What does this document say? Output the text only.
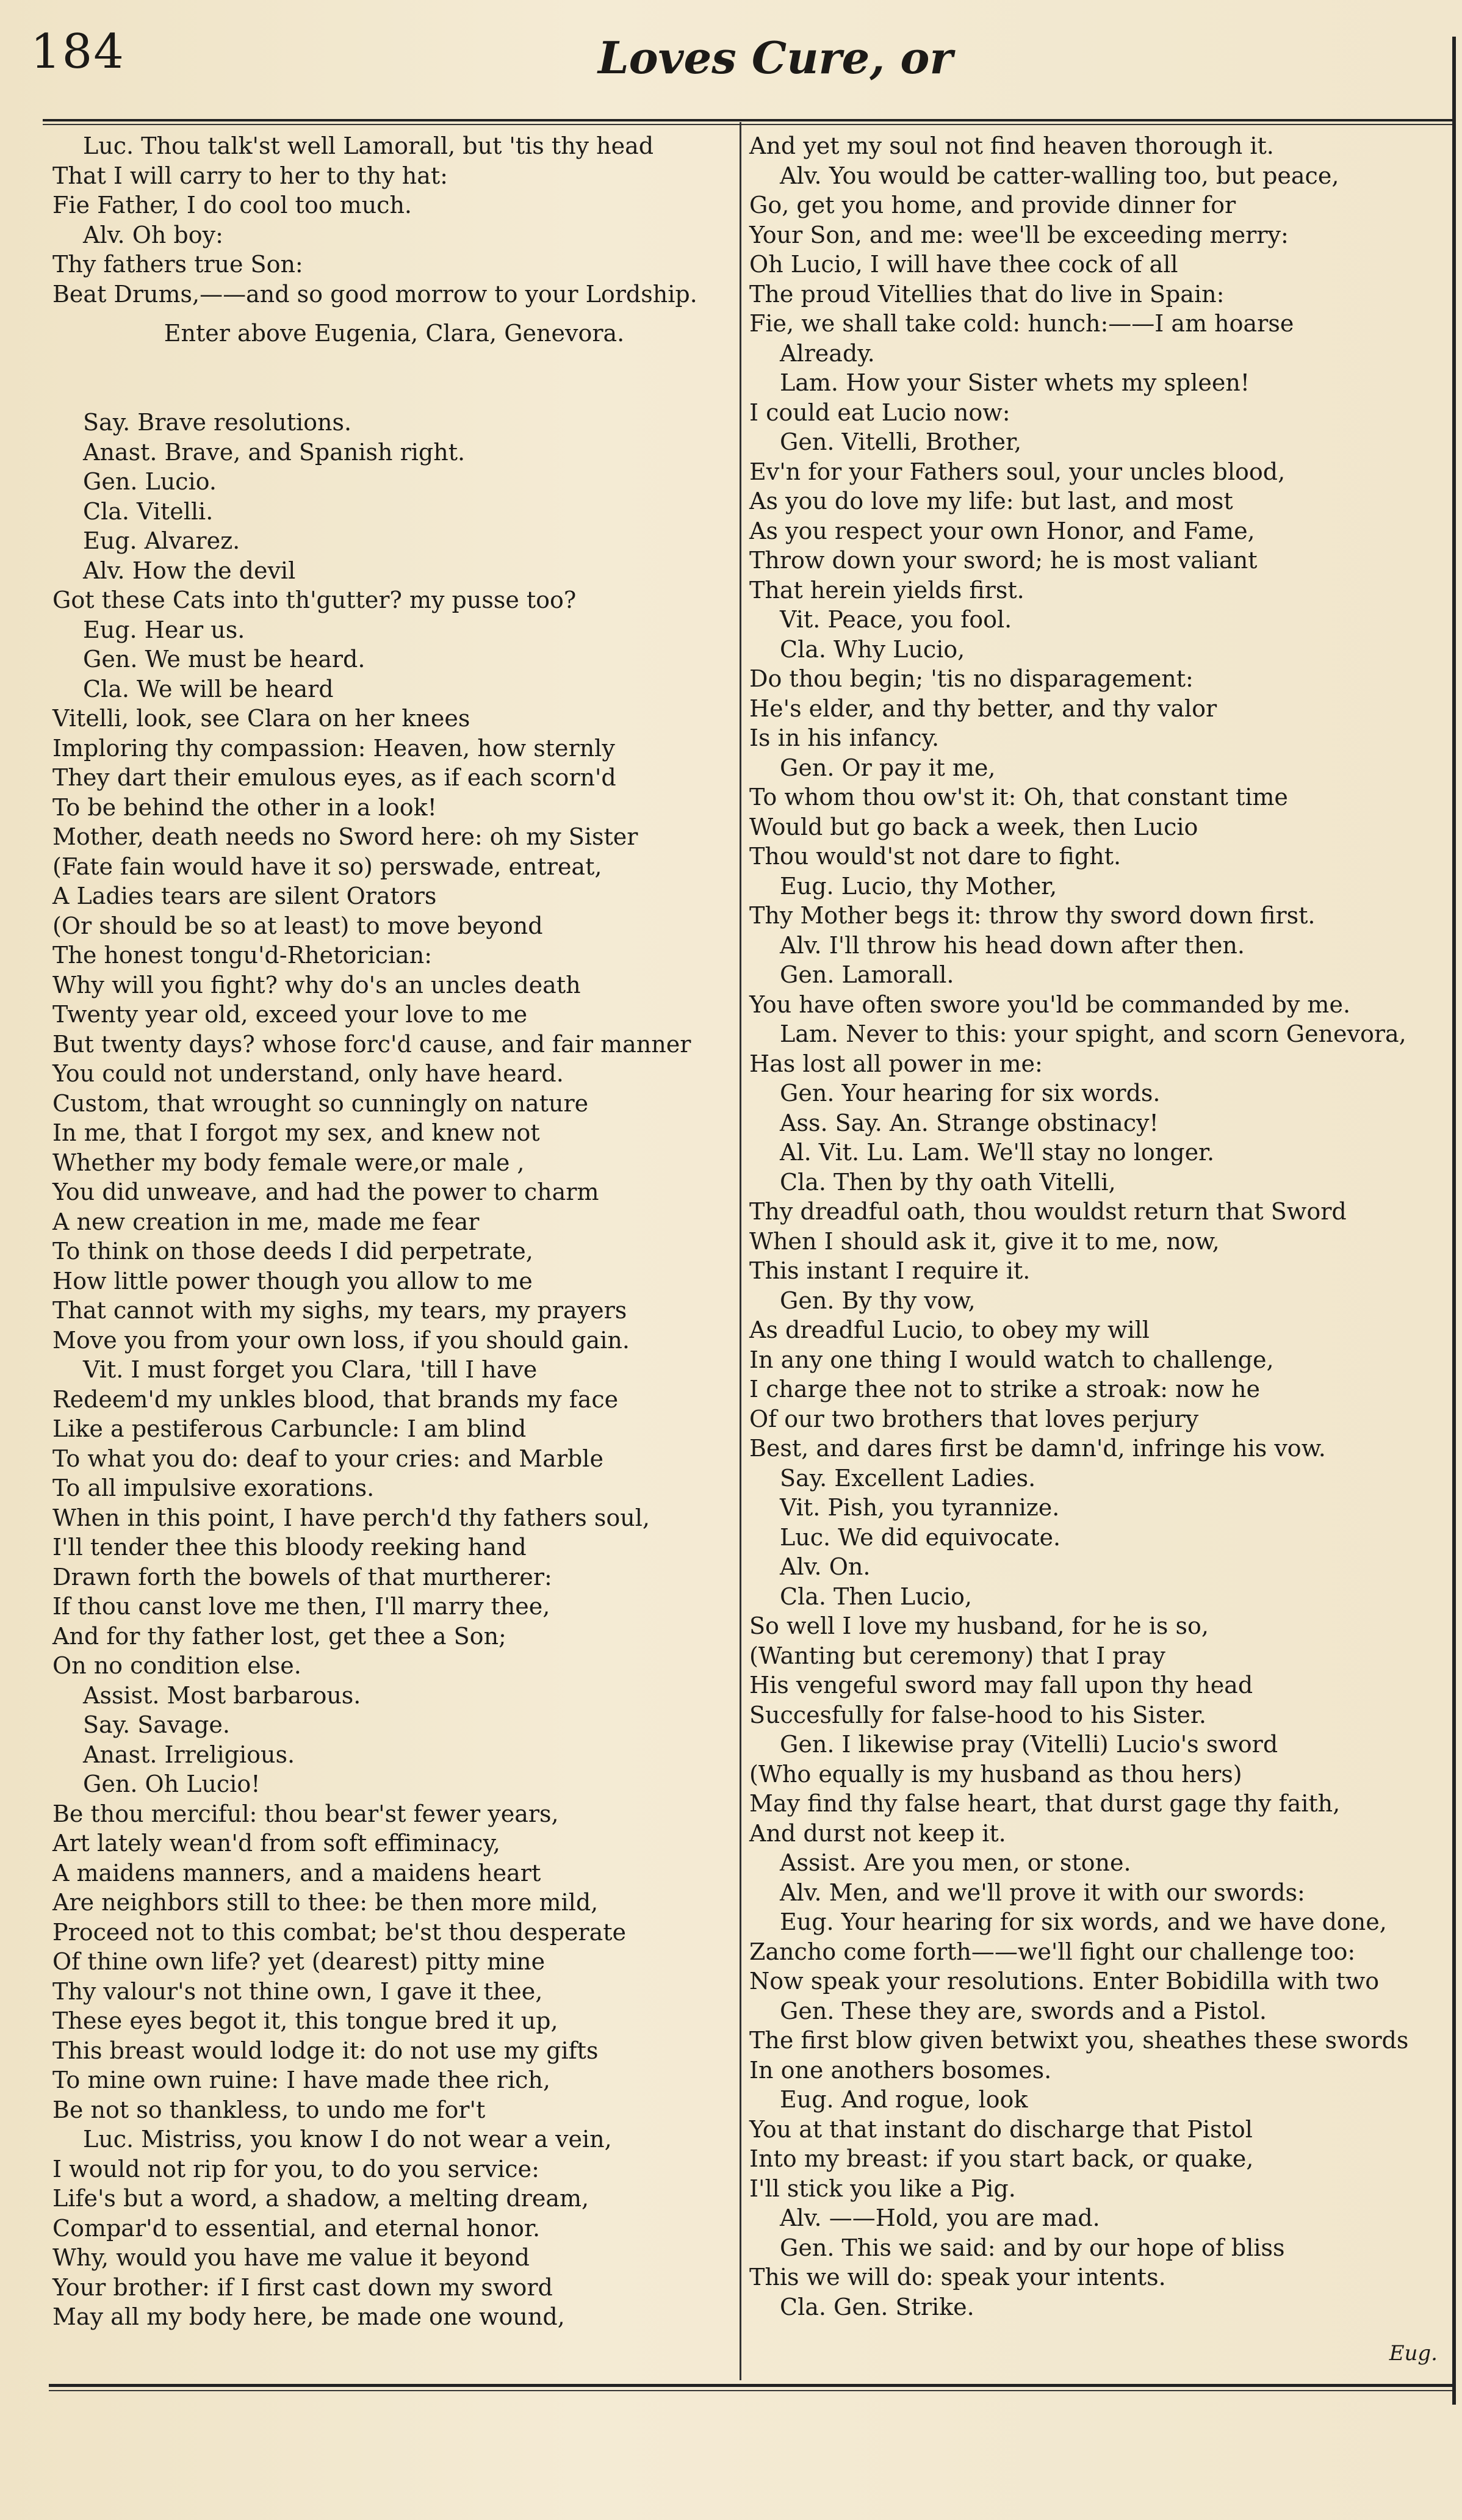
184	Loves Cure, or
Luc. Thou talk'st well Lamorall, but 'tis thy head
That I will carry to her to thy hat:
Fie Father, I do cool too much.
Alv. Oh boy:
Thy fathers true Son:
Beat Drums,——and so good morrow to your Lordship.
Enter above Eugenia, Clara, Genevora.
Say. Brave resolutions.
Anast. Brave, and Spanish right.
Gen. Lucio.
Cla. Vitelli.
Eug. Alvarez.
Alv. How the devil
Got these Cats into th'gutter? my pusse too?
Eug. Hear us.
Gen. We must be heard.
Cla. We will be heard
Vitelli, look, see Clara on her knees
Imploring thy compassion: Heaven, how sternly
They dart their emulous eyes, as if each scorn'd
To be behind the other in a look!
Mother, death needs no Sword here: oh my Sister
(Fate fain would have it so) perswade, entreat,
A Ladies tears are silent Orators
(Or should be so at least) to move beyond
The honest tongu'd-Rhetorician:
Why will you fight? why do's an uncles death
Twenty year old, exceed your love to me
But twenty days? whose forc'd cause, and fair manner
You could not understand, only have heard.
Custom, that wrought so cunningly on nature
In me, that I forgot my sex, and knew not
Whether my body female were,or male ,
You did unweave, and had the power to charm
A new creation in me, made me fear
To think on those deeds I did perpetrate,
How little power though you allow to me
That cannot with my sighs, my tears, my prayers
Move you from your own loss, if you should gain.
Vit. I must forget you Clara, 'till I have
Redeem'd my unkles blood, that brands my face
Like a pestiferous Carbuncle: I am blind
To what you do: deaf to your cries: and Marble
To all impulsive exorations.
When in this point, I have perch'd thy fathers soul,
I'll tender thee this bloody reeking hand
Drawn forth the bowels of that murtherer:
If thou canst love me then, I'll marry thee,
And for thy father lost, get thee a Son;
On no condition else.
Assist. Most barbarous.
Say. Savage.
Anast. Irreligious.
Gen. Oh Lucio!
Be thou merciful: thou bear'st fewer years,
Art lately wean'd from soft effiminacy,
A maidens manners, and a maidens heart
Are neighbors still to thee: be then more mild,
Proceed not to this combat; be'st thou desperate
Of thine own life? yet (dearest) pitty mine
Thy valour's not thine own, I gave it thee,
These eyes begot it, this tongue bred it up,
This breast would lodge it: do not use my gifts
To mine own ruine: I have made thee rich,
Be not so thankless, to undo me for't
Luc. Mistriss, you know I do not wear a vein,
I would not rip for you, to do you service:
Life's but a word, a shadow, a melting dream,
Compar'd to essential, and eternal honor.
Why, would you have me value it beyond
Your brother: if I first cast down my sword
May all my body here, be made one wound,
And yet my soul not find heaven thorough it.
Alv. You would be catter-walling too, but peace,
Go, get you home, and provide dinner for
Your Son, and me: wee'll be exceeding merry:
Oh Lucio, I will have thee cock of all
The proud Vitellies that do live in Spain:
Fie, we shall take cold: hunch:——I am hoarse
Already.
Lam. How your Sister whets my spleen!
I could eat Lucio now:
Gen. Vitelli, Brother,
Ev'n for your Fathers soul, your uncles blood,
As you do love my life: but last, and most
As you respect your own Honor, and Fame,
Throw down your sword; he is most valiant
That herein yields first.
Vit. Peace, you fool.
Cla. Why Lucio,
Do thou begin; 'tis no disparagement:
He's elder, and thy better, and thy valor
Is in his infancy.
Gen. Or pay it me,
To whom thou ow'st it: Oh, that constant time
Would but go back a week, then Lucio
Thou would'st not dare to fight.
Eug. Lucio, thy Mother,
Thy Mother begs it: throw thy sword down first.
Alv. I'll throw his head down after then.
Gen. Lamorall.
You have often swore you'ld be commanded by me.
Lam. Never to this: your spight, and scorn Genevora,
Has lost all power in me:
Gen. Your hearing for six words.
Ass. Say. An. Strange obstinacy!
Al. Vit. Lu. Lam. We'll stay no longer.
Cla. Then by thy oath Vitelli,
Thy dreadful oath, thou wouldst return that Sword
When I should ask it, give it to me, now,
This instant I require it.
Gen. By thy vow,
As dreadful Lucio, to obey my will
In any one thing I would watch to challenge,
I charge thee not to strike a stroak: now he
Of our two brothers that loves perjury
Best, and dares first be damn'd, infringe his vow.
Say. Excellent Ladies.
Vit. Pish, you tyrannize.
Luc. We did equivocate.
Alv. On.
Cla. Then Lucio,
So well I love my husband, for he is so,
(Wanting but ceremony) that I pray
His vengeful sword may fall upon thy head
Succesfully for false-hood to his Sister.
Gen. I likewise pray (Vitelli) Lucio's sword
(Who equally is my husband as thou hers)
May find thy false heart, that durst gage thy faith,
And durst not keep it.
Assist. Are you men, or stone.
Alv. Men, and we'll prove it with our swords:
Eug. Your hearing for six words, and we have done,
Zancho come forth——we'll fight our challenge too:
Now speak your resolutions. Enter Bobidilla with two
Gen. These they are, swords and a Pistol.
The first blow given betwixt you, sheathes these swords
In one anothers bosomes.
Eug. And rogue, look
You at that instant do discharge that Pistol
Into my breast: if you start back, or quake,
I'll stick you like a Pig.
Alv. ——Hold, you are mad.
Gen. This we said: and by our hope of bliss
This we will do: speak your intents.
Cla. Gen. Strike.
Eug.
